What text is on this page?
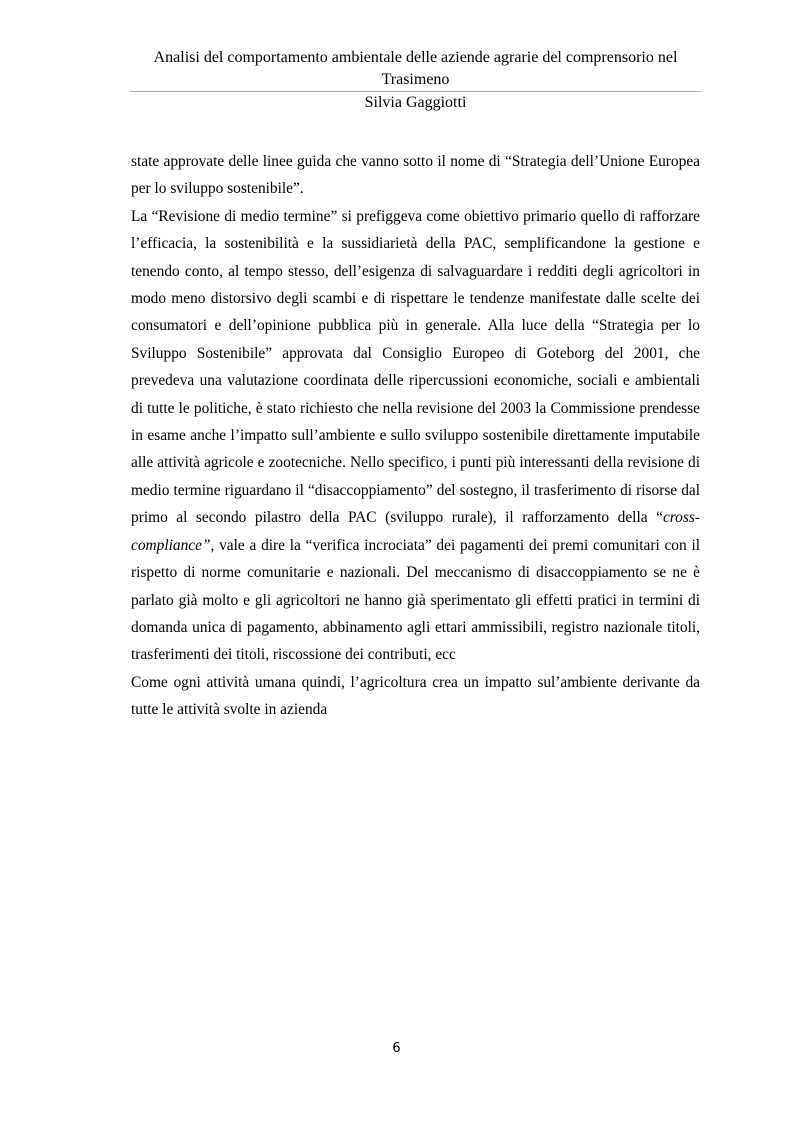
Analisi del comportamento ambientale delle aziende agrarie del comprensorio nel Trasimeno
Silvia Gaggiotti

state approvate delle linee guida che vanno sotto il nome di “Strategia dell’Unione Europea per lo sviluppo sostenibile”.

La “Revisione di medio termine” si prefiggeva come obiettivo primario quello di rafforzare l’efficacia, la sostenibilità e la sussidiarietà della PAC, semplificandone la gestione e tenendo conto, al tempo stesso, dell’esigenza di salvaguardare i redditi degli agricoltori in modo meno distorsivo degli scambi e di rispettare le tendenze manifestate dalle scelte dei consumatori e dell’opinione pubblica più in generale. Alla luce della “Strategia per lo Sviluppo Sostenibile” approvata dal Consiglio Europeo di Goteborg del 2001, che prevedeva una valutazione coordinata delle ripercussioni economiche, sociali e ambientali di tutte le politiche, è stato richiesto che nella revisione del 2003 la Commissione prendesse in esame anche l’impatto sull’ambiente e sullo sviluppo sostenibile direttamente imputabile alle attività agricole e zootecniche. Nello specifico, i punti più interessanti della revisione di medio termine riguardano il “disaccoppiamento” del sostegno, il trasferimento di risorse dal primo al secondo pilastro della PAC (sviluppo rurale), il rafforzamento della “cross-compliance”, vale a dire la “verifica incrociata” dei pagamenti dei premi comunitari con il rispetto di norme comunitarie e nazionali. Del meccanismo di disaccoppiamento se ne è parlato già molto e gli agricoltori ne hanno già sperimentato gli effetti pratici in termini di domanda unica di pagamento, abbinamento agli ettari ammissibili, registro nazionale titoli, trasferimenti dei titoli, riscossione dei contributi, ecc

Come ogni attività umana quindi, l’agricoltura crea un impatto sul’ambiente derivante da tutte le attività svolte in azienda

6
